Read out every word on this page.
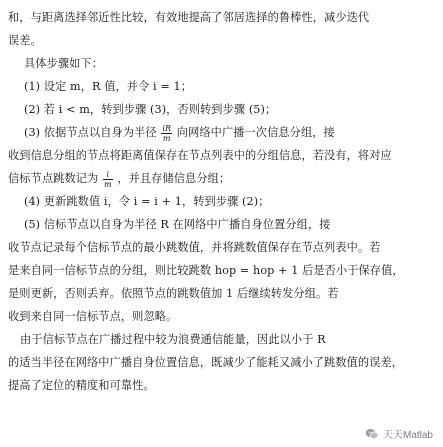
和，与距离选择邻近性比较，有效地提高了邻居选择的鲁棒性，减少迭代
误差。
具体步骤如下：
(1) 设定 m，R 值，并令 i = 1；
(2) 若 i < m，转到步骤 (3)，否则转到步骤 (5)；
(3) 依据节点以自身为半径 $\frac{iR}{m}$ 向网络中广播一次信息分组，接
收到信息分组的节点将距离值保存在节点列表中的分组信息，若没有，将对应
信标节点跳数记为 $\frac{i}{m}$ ，并且存储信息分组；
(4) 更新跳数值 i，令 i = i + 1，转到步骤 (2)；
(5) 信标节点以自身为半径 R 在网络中广播自身位置分组，接
收节点记录每个信标节点的最小跳数值，并将跳数值保存在节点列表中。若
是来自同一信标节点的分组，则比较跳数 hop = hop + 1 后是否小于保存值，
是则更新，否则丢弃。依照节点的跳数值加 1 后继续转发分组。若
收到来自同一信标节点，则忽略。
由于信标节点在广播过程中较为浪费通信能量，因此以小于 R
的适当半径在网络中广播自身位置信息，既减少了能耗又减小了跳数值的误差，
提高了定位的精度和可靠性。
天天Matlab
